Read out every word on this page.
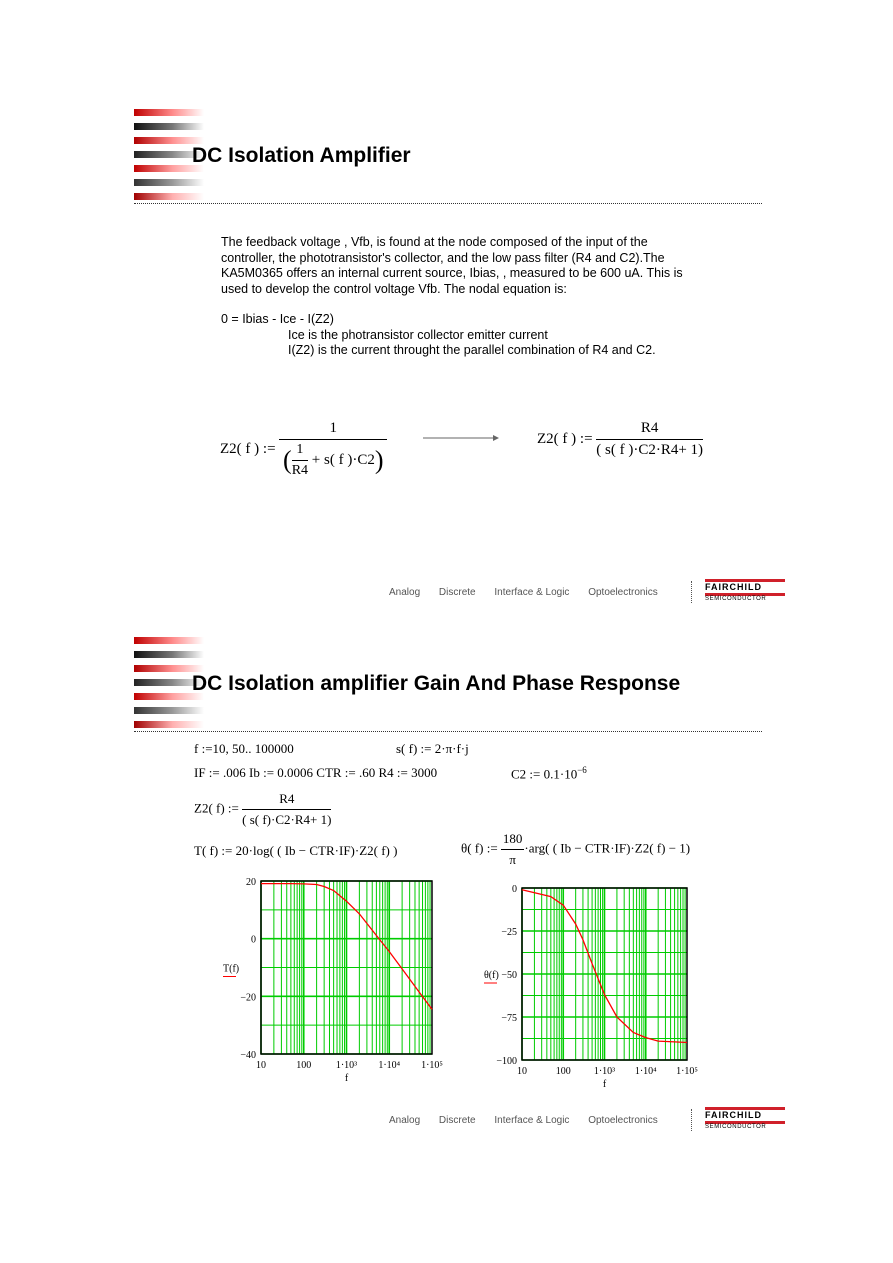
DC Isolation Amplifier

The feedback voltage , Vfb, is found at the node composed of the input of the controller, the phototransistor's collector, and the low pass filter (R4 and C2).The KA5M0365 offers an internal current source, Ibias, , measured to be 600 uA. This is used to develop the control voltage Vfb. The nodal equation is:

0 = Ibias - Ice - I(Z2)

Ice is the photransistor collector emitter current

I(Z2) is the current throught the parallel combination of R4 and C2.

Z2( f ) := $\frac{1}{( \frac{1}{R4} + s( f )\cdot C2)}$	Z2( f ) := $\frac{R4}{( s( f )\cdot C2\cdot R4+ 1)}$
Analog Discrete Interface & Logic Optoelectronics	FAIRCHILD
SEMICONDUCTOR
DC Isolation amplifier Gain And Phase Response
f :=10, 50.. 100000	s( f) := 2·π·f·j
IF := .006 Ib := 0.0006 CTR := .60 R4 := 3000	C2 := $0.1\cdot 10^{-6}$
Z2( f) := $\frac{R4}{( s( f)\cdot C2\cdot R4+ 1)}$
T( f) := 20·log( ( Ib − CTR·IF)·Z2( f) )	θ( f) := $\frac{180}{\pi} \cdot arg$( ( Ib − CTR·IF)·Z2( f) − 1)
20
0
−20
−40
10	100 1·10³ 1·10⁴ 1·10⁵
f
T(f)
0
−25
−50
−75
−100
10	100 1·10³ 1·10⁴ 1·10⁵
f
θ(f)
Analog Discrete Interface & Logic Optoelectronics	FAIRCHILD
SEMICONDUCTOR
